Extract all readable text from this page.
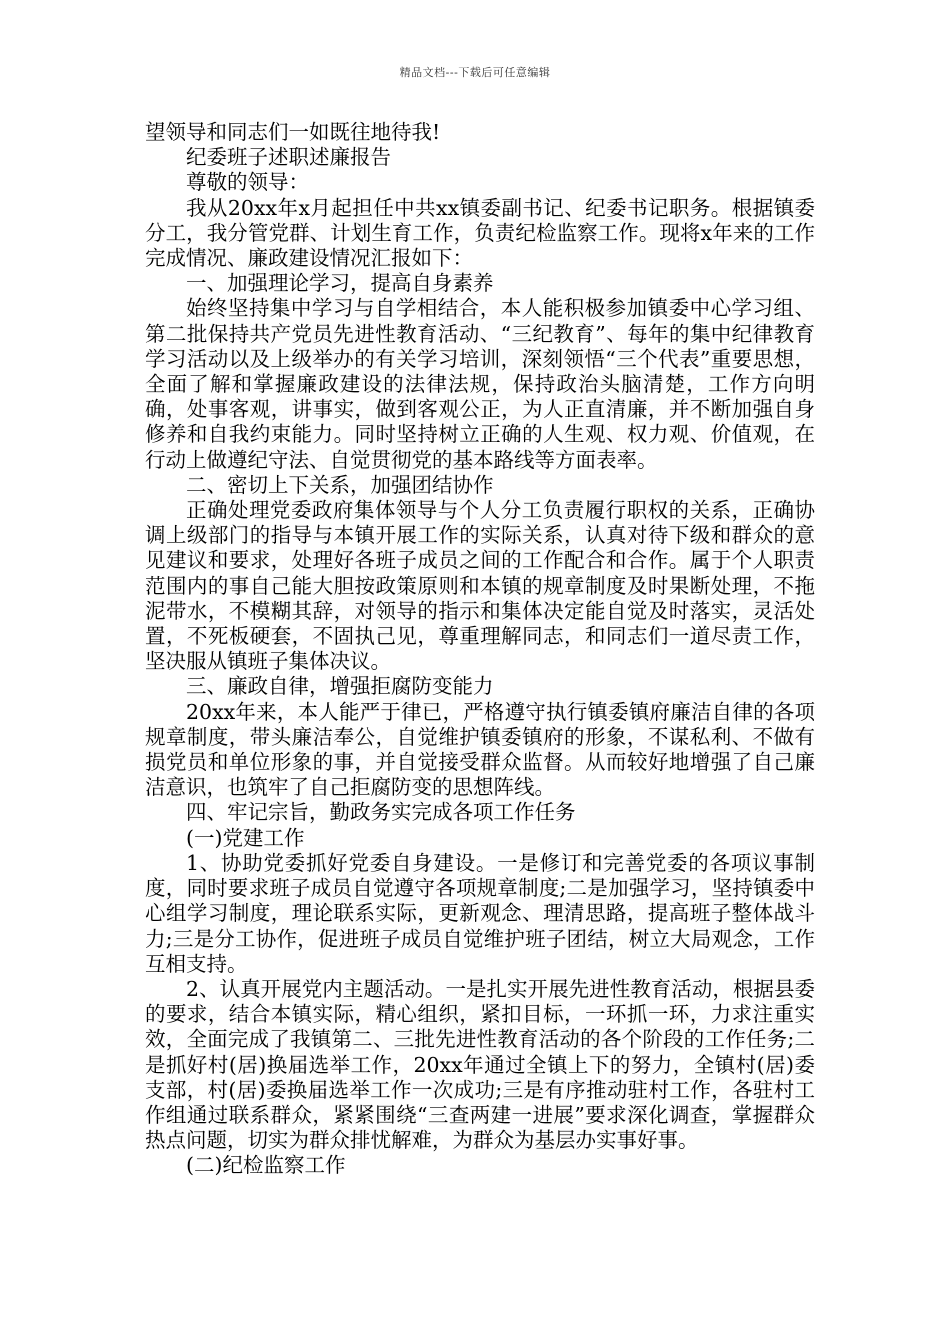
精品文档---下载后可任意编辑

望领导和同志们一如既往地待我!

纪委班子述职述廉报告

尊敬的领导：

我从20xx年x月起担任中共xx镇委副书记、纪委书记职务。根据镇委分工，我分管党群、计划生育工作，负责纪检监察工作。现将x年来的工作完成情况、廉政建设情况汇报如下：

一、加强理论学习，提高自身素养

始终坚持集中学习与自学相结合，本人能积极参加镇委中心学习组、第二批保持共产党员先进性教育活动、“三纪教育”、每年的集中纪律教育学习活动以及上级举办的有关学习培训，深刻领悟“三个代表”重要思想，全面了解和掌握廉政建设的法律法规，保持政治头脑清楚，工作方向明确，处事客观，讲事实，做到客观公正，为人正直清廉，并不断加强自身修养和自我约束能力。同时坚持树立正确的人生观、权力观、价值观，在行动上做遵纪守法、自觉贯彻党的基本路线等方面表率。

二、密切上下关系，加强团结协作

正确处理党委政府集体领导与个人分工负责履行职权的关系，正确协调上级部门的指导与本镇开展工作的实际关系，认真对待下级和群众的意见建议和要求，处理好各班子成员之间的工作配合和合作。属于个人职责范围内的事自己能大胆按政策原则和本镇的规章制度及时果断处理，不拖泥带水，不模糊其辞，对领导的指示和集体决定能自觉及时落实，灵活处置，不死板硬套，不固执己见，尊重理解同志，和同志们一道尽责工作，坚决服从镇班子集体决议。

三、廉政自律，增强拒腐防变能力

20xx年来，本人能严于律已，严格遵守执行镇委镇府廉洁自律的各项规章制度，带头廉洁奉公，自觉维护镇委镇府的形象，不谋私利、不做有损党员和单位形象的事，并自觉接受群众监督。从而较好地增强了自己廉洁意识，也筑牢了自己拒腐防变的思想阵线。

四、牢记宗旨，勤政务实完成各项工作任务

(一)党建工作

1、协助党委抓好党委自身建设。一是修订和完善党委的各项议事制度，同时要求班子成员自觉遵守各项规章制度;二是加强学习，坚持镇委中心组学习制度，理论联系实际，更新观念、理清思路，提高班子整体战斗力;三是分工协作，促进班子成员自觉维护班子团结，树立大局观念，工作互相支持。

2、认真开展党内主题活动。一是扎实开展先进性教育活动，根据县委的要求，结合本镇实际，精心组织，紧扣目标，一环抓一环，力求注重实效，全面完成了我镇第二、三批先进性教育活动的各个阶段的工作任务;二是抓好村(居)换届选举工作，20xx年通过全镇上下的努力，全镇村(居)委支部，村(居)委换届选举工作一次成功;三是有序推动驻村工作，各驻村工作组通过联系群众，紧紧围绕“三查两建一进展”要求深化调查，掌握群众热点问题，切实为群众排忧解难，为群众为基层办实事好事。

(二)纪检监察工作
